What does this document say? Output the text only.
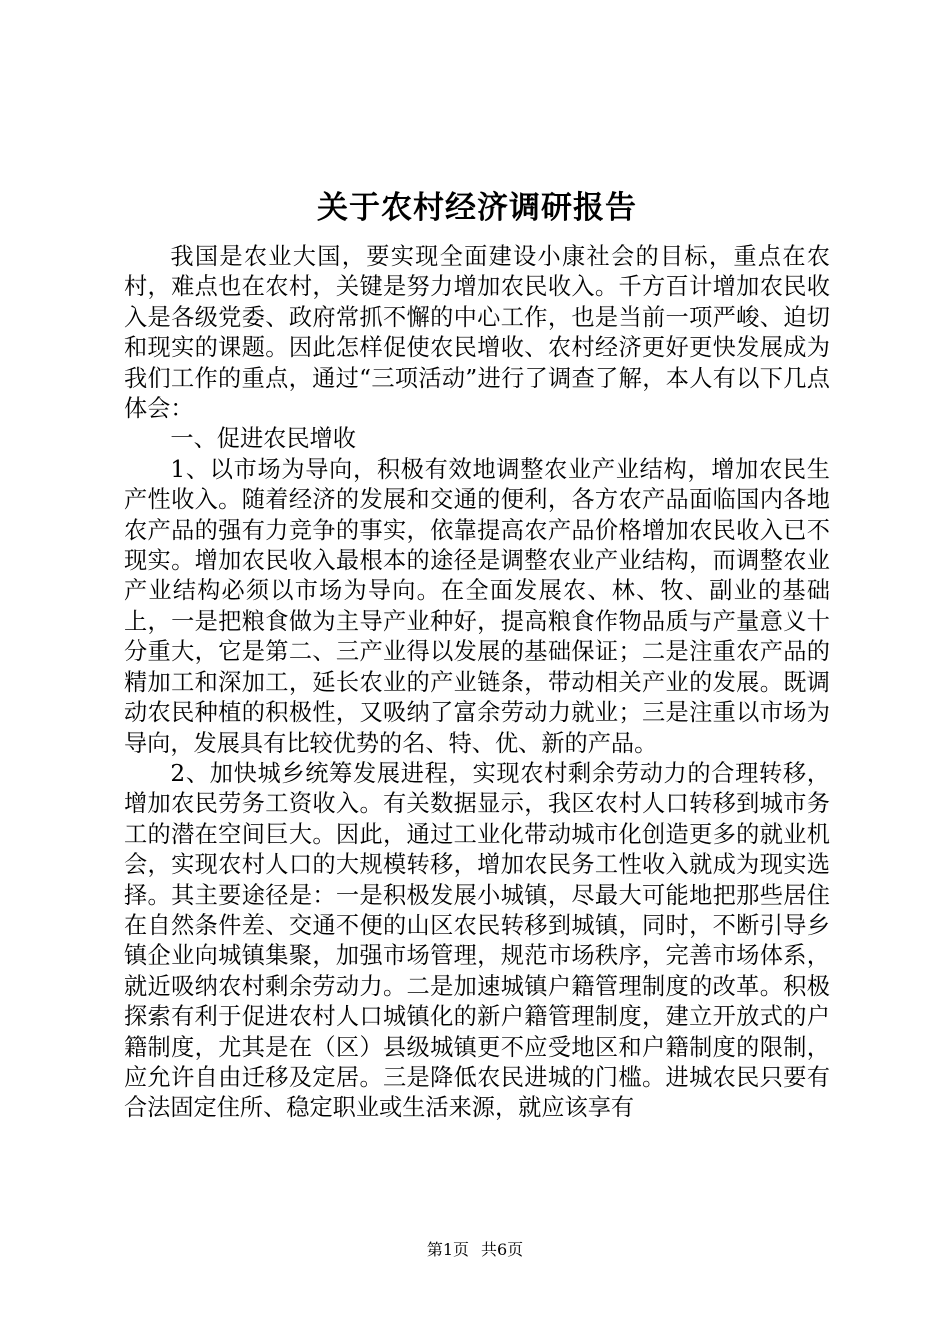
关于农村经济调研报告

我国是农业大国，要实现全面建设小康社会的目标，重点在农村，难点也在农村，关键是努力增加农民收入。千方百计增加农民收入是各级党委、政府常抓不懈的中心工作，也是当前一项严峻、迫切和现实的课题。因此怎样促使农民增收、农村经济更好更快发展成为我们工作的重点，通过“三项活动”进行了调查了解，本人有以下几点体会：

一、促进农民增收

1、以市场为导向，积极有效地调整农业产业结构，增加农民生产性收入。随着经济的发展和交通的便利，各方农产品面临国内各地农产品的强有力竞争的事实，依靠提高农产品价格增加农民收入已不现实。增加农民收入最根本的途径是调整农业产业结构，而调整农业产业结构必须以市场为导向。在全面发展农、林、牧、副业的基础上，一是把粮食做为主导产业种好，提高粮食作物品质与产量意义十分重大，它是第二、三产业得以发展的基础保证；二是注重农产品的精加工和深加工，延长农业的产业链条，带动相关产业的发展。既调动农民种植的积极性，又吸纳了富余劳动力就业；三是注重以市场为导向，发展具有比较优势的名、特、优、新的产品。

2、加快城乡统筹发展进程，实现农村剩余劳动力的合理转移，增加农民劳务工资收入。有关数据显示，我区农村人口转移到城市务工的潜在空间巨大。因此，通过工业化带动城市化创造更多的就业机会，实现农村人口的大规模转移，增加农民务工性收入就成为现实选择。其主要途径是：一是积极发展小城镇，尽最大可能地把那些居住在自然条件差、交通不便的山区农民转移到城镇，同时，不断引导乡镇企业向城镇集聚，加强市场管理，规范市场秩序，完善市场体系，就近吸纳农村剩余劳动力。二是加速城镇户籍管理制度的改革。积极探索有利于促进农村人口城镇化的新户籍管理制度，建立开放式的户籍制度，尤其是在（区）县级城镇更不应受地区和户籍制度的限制，应允许自由迁移及定居。三是降低农民进城的门槛。进城农民只要有合法固定住所、稳定职业或生活来源，就应该享有

第1页 共6页
